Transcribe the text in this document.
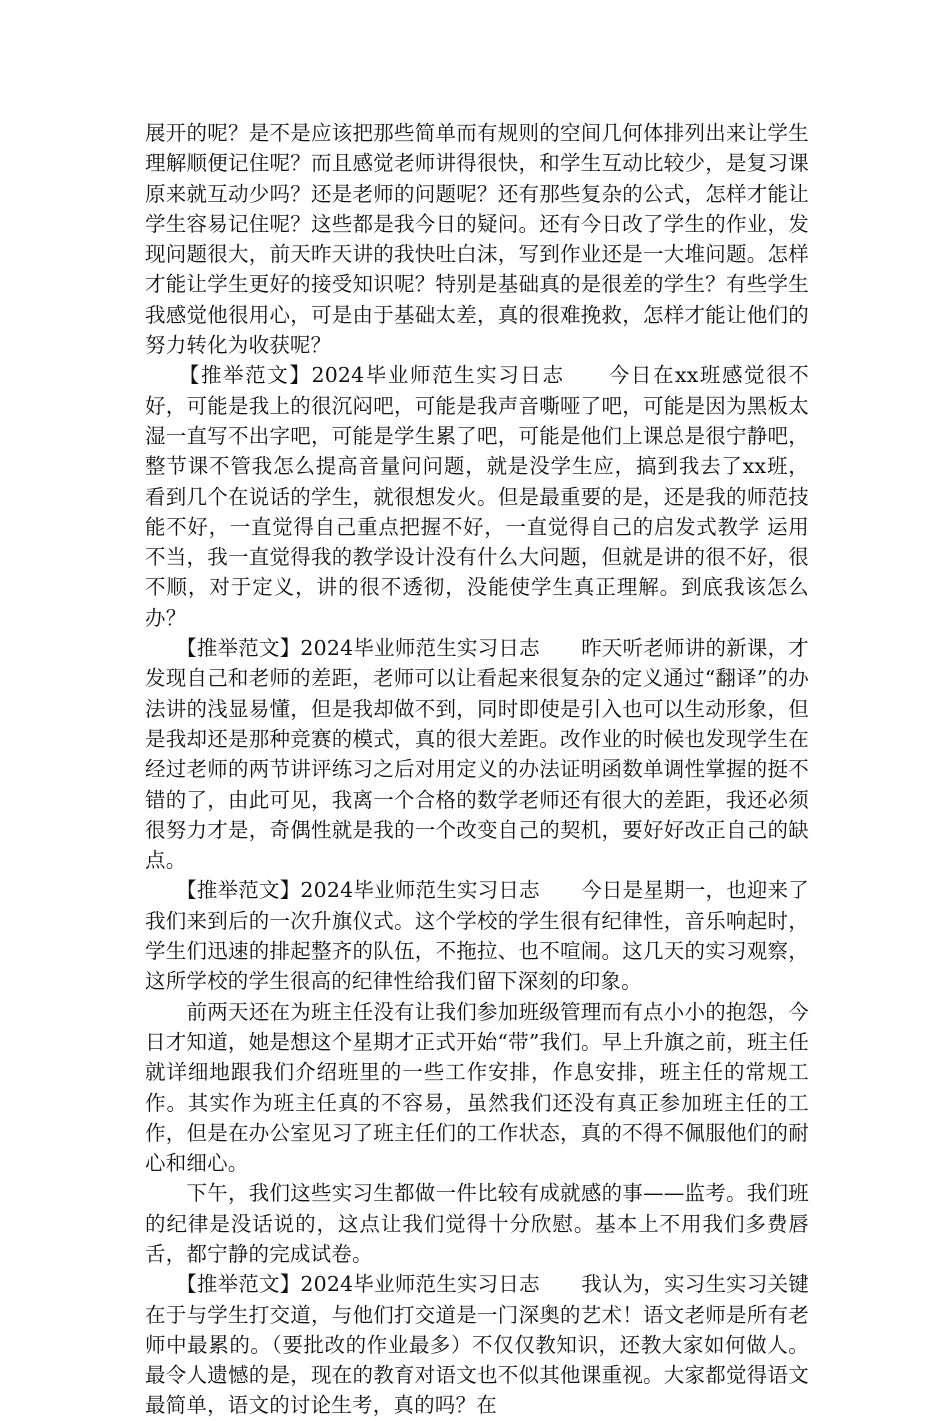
展开的呢？是不是应该把那些简单而有规则的空间几何体排列出来让学生理解顺便记住呢？而且感觉老师讲得很快，和学生互动比较少，是复习课原来就互动少吗？还是老师的问题呢？还有那些复杂的公式，怎样才能让学生容易记住呢？这些都是我今日的疑问。还有今日改了学生的作业，发现问题很大，前天昨天讲的我快吐白沫，写到作业还是一大堆问题。怎样才能让学生更好的接受知识呢？特别是基础真的是很差的学生？有些学生我感觉他很用心，可是由于基础太差，真的很难挽救，怎样才能让他们的努力转化为收获呢？

　　【推举范文】2024毕业师范生实习日志　　今日在xx班感觉很不好，可能是我上的很沉闷吧，可能是我声音嘶哑了吧，可能是因为黑板太湿一直写不出字吧，可能是学生累了吧，可能是他们上课总是很宁静吧，整节课不管我怎么提高音量问问题，就是没学生应，搞到我去了xx班，看到几个在说话的学生，就很想发火。但是最重要的是，还是我的师范技能不好，一直觉得自己重点把握不好，一直觉得自己的启发式教学 运用不当，我一直觉得我的教学设计没有什么大问题，但就是讲的很不好，很不顺，对于定义，讲的很不透彻，没能使学生真正理解。到底我该怎么办？

　　【推举范文】2024毕业师范生实习日志　　昨天听老师讲的新课，才发现自己和老师的差距，老师可以让看起来很复杂的定义通过“翻译”的办法讲的浅显易懂，但是我却做不到，同时即使是引入也可以生动形象，但是我却还是那种竞赛的模式，真的很大差距。改作业的时候也发现学生在经过老师的两节讲评练习之后对用定义的办法证明函数单调性掌握的挺不错的了，由此可见，我离一个合格的数学老师还有很大的差距，我还必须很努力才是，奇偶性就是我的一个改变自己的契机，要好好改正自己的缺点。

　　【推举范文】2024毕业师范生实习日志　　今日是星期一，也迎来了我们来到后的一次升旗仪式。这个学校的学生很有纪律性，音乐响起时，学生们迅速的排起整齐的队伍，不拖拉、也不喧闹。这几天的实习观察，这所学校的学生很高的纪律性给我们留下深刻的印象。

　　前两天还在为班主任没有让我们参加班级管理而有点小小的抱怨，今日才知道，她是想这个星期才正式开始“带”我们。早上升旗之前，班主任就详细地跟我们介绍班里的一些工作安排，作息安排，班主任的常规工作。其实作为班主任真的不容易，虽然我们还没有真正参加班主任的工作，但是在办公室见习了班主任们的工作状态，真的不得不佩服他们的耐心和细心。

　　下午，我们这些实习生都做一件比较有成就感的事——监考。我们班的纪律是没话说的，这点让我们觉得十分欣慰。基本上不用我们多费唇舌，都宁静的完成试卷。

　　【推举范文】2024毕业师范生实习日志　　我认为，实习生实习关键在于与学生打交道，与他们打交道是一门深奥的艺术！语文老师是所有老师中最累的。（要批改的作业最多）不仅仅教知识，还教大家如何做人。最令人遗憾的是，现在的教育对语文也不似其他课重视。大家都觉得语文最简单，语文的讨论生考，真的吗？在
